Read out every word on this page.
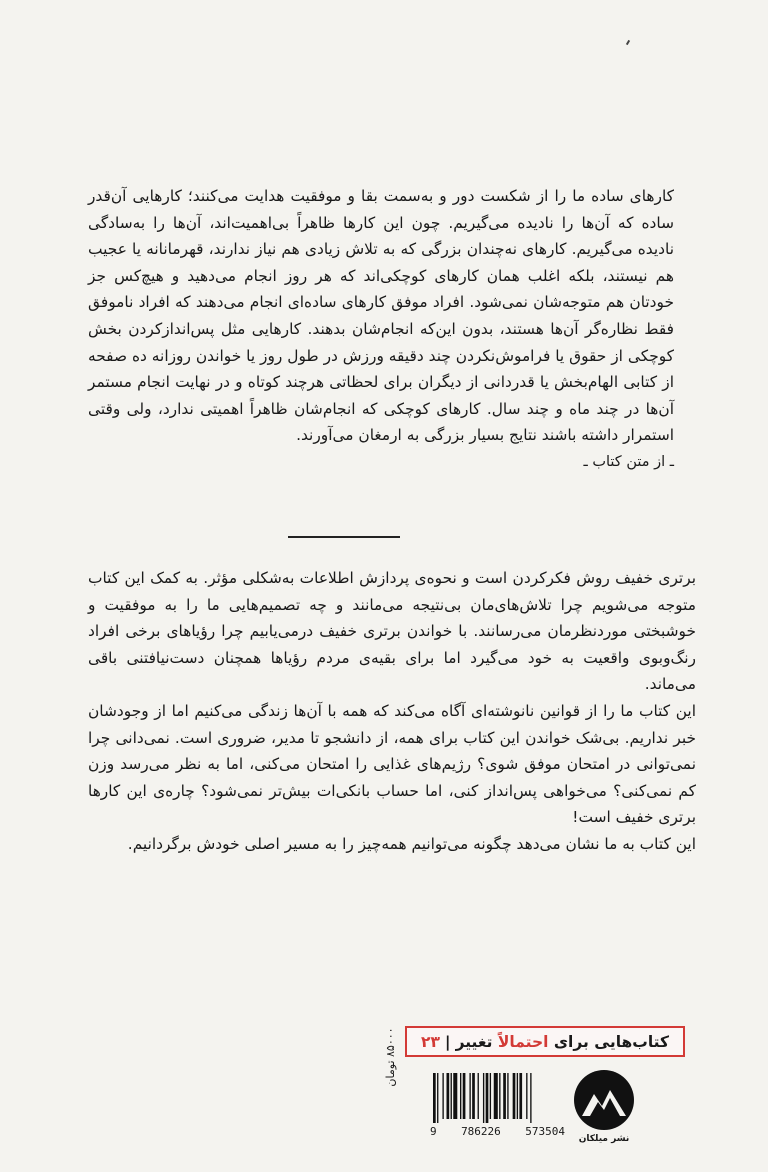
کارهای ساده ما را از شکست دور و به‌سمت بقا و موفقیت هدایت می‌کنند؛ کارهایی آن‌قدر ساده که آن‌ها را نادیده می‌گیریم. چون این کارها ظاهراً بی‌اهمیت‌اند، آن‌ها را به‌سادگی نادیده می‌گیریم. کارهای نه‌چندان بزرگی که به تلاش زیادی هم نیاز ندارند، قهرمانانه یا عجیب هم نیستند، بلکه اغلب همان کارهای کوچکی‌اند که هر روز انجام می‌دهید و هیچ‌کس جز خودتان هم متوجه‌شان نمی‌شود. افراد موفق کارهای ساده‌ای انجام می‌دهند که افراد ناموفق فقط نظاره‌گر آن‌ها هستند، بدون این‌که انجام‌شان بدهند. کارهایی مثل پس‌اندازکردن بخش کوچکی از حقوق یا فراموش‌نکردن چند دقیقه ورزش در طول روز یا خواندن روزانه ده صفحه از کتابی الهام‌بخش یا قدردانی از دیگران برای لحظاتی هرچند کوتاه و در نهایت انجام مستمر آن‌ها در چند ماه و چند سال. کارهای کوچکی که انجام‌شان ظاهراً اهمیتی ندارد، ولی وقتی استمرار داشته باشند نتایج بسیار بزرگی به ارمغان می‌آورند.

ـ از متن کتاب ـ

برتری خفیف روش فکرکردن است و نحوه‌ی پردازش اطلاعات به‌شکلی مؤثر. به کمک این کتاب متوجه می‌شویم چرا تلاش‌های‌مان بی‌نتیجه می‌مانند و چه تصمیم‌هایی ما را به موفقیت و خوشبختی موردنظرمان می‌رسانند. با خواندن برتری خفیف درمی‌یابیم چرا رؤیاهای برخی افراد رنگ‌وبوی واقعیت به خود می‌گیرد اما برای بقیه‌ی مردم رؤیاها همچنان دست‌نیافتنی باقی می‌ماند.

این کتاب ما را از قوانین نانوشته‌ای آگاه می‌کند که همه با آن‌ها زندگی می‌کنیم اما از وجودشان خبر نداریم. بی‌شک خواندن این کتاب برای همه، از دانشجو تا مدیر، ضروری است. نمی‌دانی چرا نمی‌توانی در امتحان موفق شوی؟ رژیم‌های غذایی را امتحان می‌کنی، اما به نظر می‌رسد وزن کم نمی‌کنی؟ می‌خواهی پس‌انداز کنی، اما حساب بانکی‌ات بیش‌تر نمی‌شود؟ چاره‌ی این کارها برتری خفیف است!

این کتاب به ما نشان می‌دهد چگونه می‌توانیم همه‌چیز را به مسیر اصلی خودش برگردانیم.

کتاب‌هایی برای

احتمالاً

تغییر
|
۲۳
9 786226 573504
نشر میلکان
۸۵۰۰۰ تومان
